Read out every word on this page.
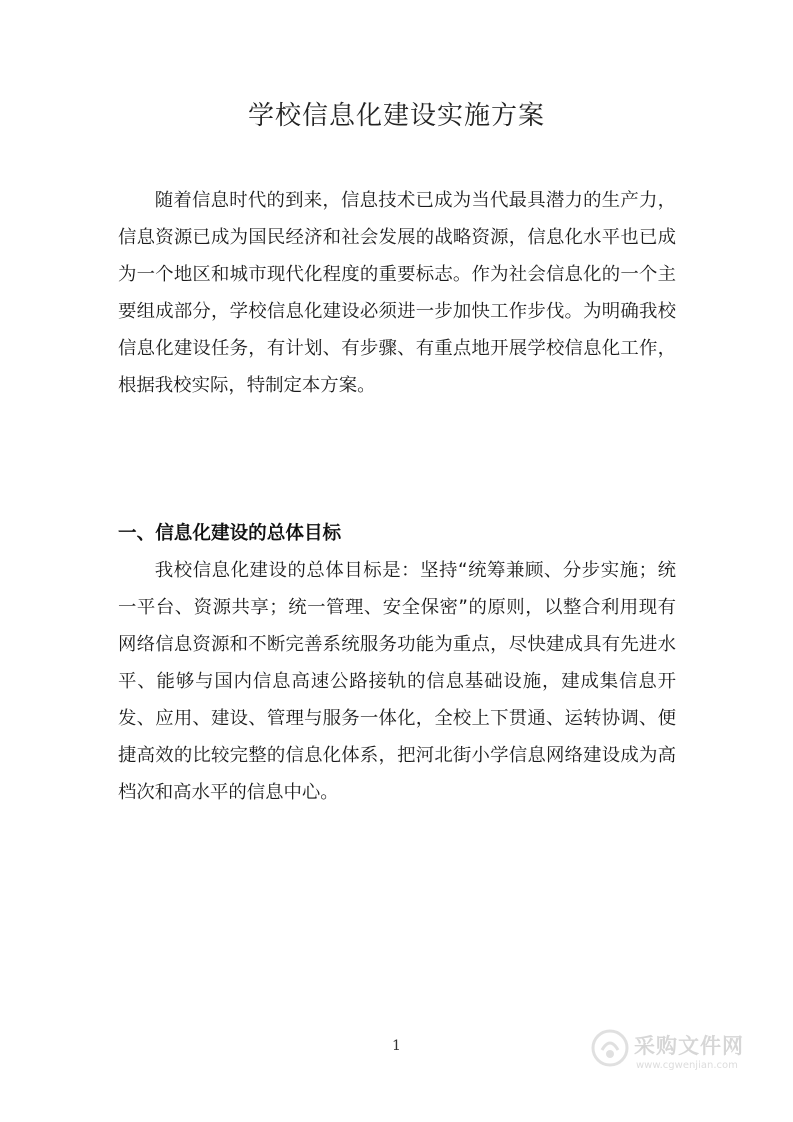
学校信息化建设实施方案

随着信息时代的到来，信息技术已成为当代最具潜力的生产力，信息资源已成为国民经济和社会发展的战略资源，信息化水平也已成为一个地区和城市现代化程度的重要标志。作为社会信息化的一个主要组成部分，学校信息化建设必须进一步加快工作步伐。为明确我校信息化建设任务，有计划、有步骤、有重点地开展学校信息化工作，根据我校实际，特制定本方案。

一、信息化建设的总体目标

我校信息化建设的总体目标是：坚持“统筹兼顾、分步实施；统一平台、资源共享；统一管理、安全保密”的原则，以整合利用现有网络信息资源和不断完善系统服务功能为重点，尽快建成具有先进水平、能够与国内信息高速公路接轨的信息基础设施，建成集信息开发、应用、建设、管理与服务一体化，全校上下贯通、运转协调、便捷高效的比较完整的信息化体系，把河北街小学信息网络建设成为高档次和高水平的信息中心。

1	采购文件网
www.cgwenjian.com
